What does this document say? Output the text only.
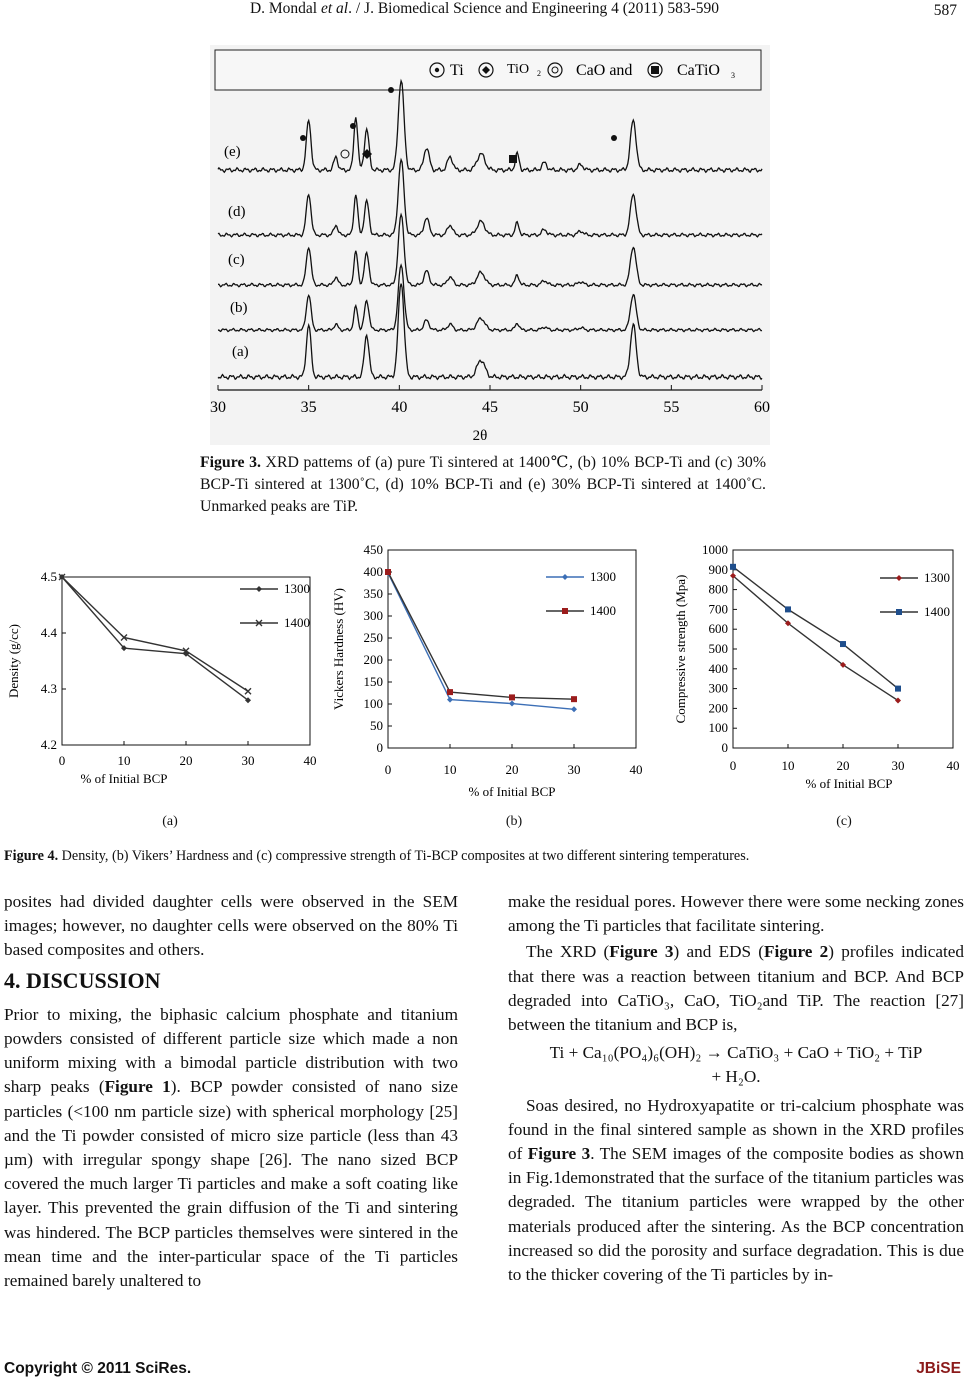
D. Mondal et al. / J. Biomedical Science and Engineering 4 (2011) 583-590	587
Ti	TiO 2 CaO and	CaTiO 3
(e)
(d)
(c)
(b)
(a)
30	35	40	45	50	55	60
2θ
Figure 3. XRD pattems of (a) pure Ti sintered at 1400℃, (b) 10% BCP-Ti and (c) 30% BCP-Ti sintered at 1300˚C, (d) 10% BCP-Ti and (e) 30% BCP-Ti sintered at 1400˚C. Unmarked peaks are TiP.
4.2
4.3
4.4
4.5
0	10	20	30	40
% of Initial BCP
Density (g/cc)
1300
1400
0
50
100
150
200
250
300
350
400
450
0	10	20	30	40
% of Initial BCP
Vickers Hardness (HV)
1300
1400
0
100
200
300
400
500
600
700
800
900
1000
0	10	20	30	40
% of Initial BCP
Compressive strength (Mpa)	1300
1400
(a)	(b)	(c)
Figure 4. Density, (b) Vikers’ Hardness and (c) compressive strength of Ti-BCP composites at two different sintering temperatures.

posites had divided daughter cells were observed in the SEM images; however, no daughter cells were observed on the 80% Ti based composites and others.

4. DISCUSSION

Prior to mixing, the biphasic calcium phosphate and titanium powders consisted of different particle size which made a non uniform mixing with a bimodal particle distribution with two sharp peaks (Figure 1). BCP powder consisted of nano size particles (<100 nm particle size) with spherical morphology [25] and the Ti powder consisted of micro size particle (less than 43 µm) with irregular spongy shape [26]. The nano sized BCP covered the much larger Ti particles and make a soft coating like layer. This prevented the grain diffusion of the Ti and sintering was hindered. The BCP particles themselves were sintered in the mean time and the inter-particular space of the Ti particles remained barely unaltered to

make the residual pores. However there were some necking zones among the Ti particles that facilitate sintering.

The XRD (Figure 3) and EDS (Figure 2) profiles indicated that there was a reaction between titanium and BCP. And BCP degraded into CaTiO₃, CaO, TiO₂and TiP. The reaction [27] between the titanium and BCP is,

Ti + Ca₁₀(PO₄)₆(OH)₂ → CaTiO₃ + CaO + TiO₂ + TiP

+ H₂O.

Soas desired, no Hydroxyapatite or tri-calcium phosphate was found in the final sintered sample as shown in the XRD profiles of Figure 3. The SEM images of the composite bodies as shown in Fig.1demonstrated that the surface of the titanium particles was degraded. The titanium particles were wrapped by the other materials produced after the sintering. As the BCP concentration increased so did the porosity and surface degradation. This is due to the thicker covering of the Ti particles by in-

Copyright © 2011 SciRes.	JBiSE
